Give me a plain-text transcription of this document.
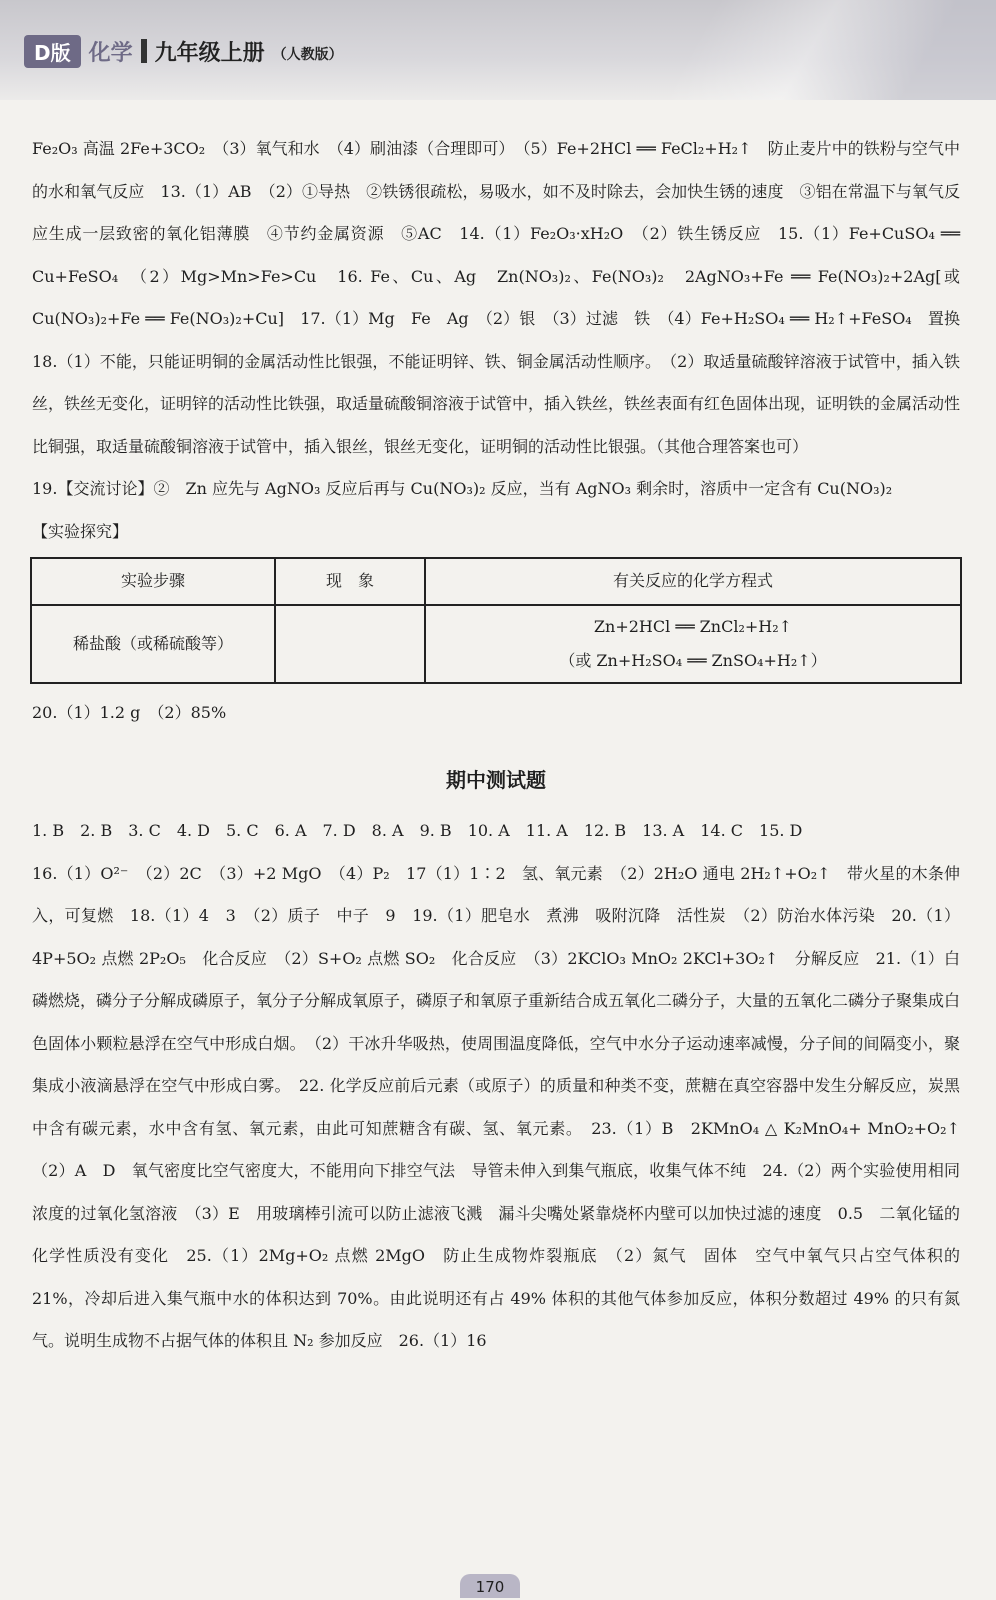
D版 化学 九年级上册 （人教版）

Fe₂O₃ 高温 2Fe+3CO₂　（3）氧气和水　（4）刷油漆（合理即可）　（5）Fe+2HCl ══ FeCl₂+H₂↑　防止麦片中的铁粉与空气中的水和氧气反应　13.（1）AB　（2）①导热　②铁锈很疏松，易吸水，如不及时除去，会加快生锈的速度　③铝在常温下与氧气反应生成一层致密的氧化铝薄膜　④节约金属资源　⑤AC　14.（1）Fe₂O₃·xH₂O　（2）铁生锈反应　15.（1）Fe+CuSO₄ ══ Cu+FeSO₄　（2）Mg>Mn>Fe>Cu　16. Fe、Cu、Ag　Zn(NO₃)₂、Fe(NO₃)₂　2AgNO₃+Fe ══ Fe(NO₃)₂+2Ag[或Cu(NO₃)₂+Fe ══ Fe(NO₃)₂+Cu]　17.（1）Mg　Fe　Ag　（2）银　（3）过滤　铁　（4）Fe+H₂SO₄ ══ H₂↑+FeSO₄　置换　18.（1）不能，只能证明铜的金属活动性比银强，不能证明锌、铁、铜金属活动性顺序。　（2）取适量硫酸锌溶液于试管中，插入铁丝，铁丝无变化，证明锌的活动性比铁强，取适量硫酸铜溶液于试管中，插入铁丝，铁丝表面有红色固体出现，证明铁的金属活动性比铜强，取适量硫酸铜溶液于试管中，插入银丝，银丝无变化，证明铜的活动性比银强。（其他合理答案也可）

19.【交流讨论】②　Zn 应先与 AgNO₃ 反应后再与 Cu(NO₃)₂ 反应，当有 AgNO₃ 剩余时，溶质中一定含有 Cu(NO₃)₂

【实验探究】

实验步骤	现　象	有关反应的化学方程式
稀盐酸（或稀硫酸等）		Zn+2HCl ══ ZnCl₂+H₂↑
（或 Zn+H₂SO₄ ══ ZnSO₄+H₂↑）

20.（1）1.2 g　（2）85%

期中测试题

1. B　2. B　3. C　4. D　5. C　6. A　7. D　8. A　9. B　10. A　11. A　12. B　13. A　14. C　15. D

16.（1）O²⁻　（2）2C　（3）+2 MgO　（4）P₂　17（1）1∶2　氢、氧元素　（2）2H₂O 通电 2H₂↑+O₂↑　带火星的木条伸入，可复燃　18.（1）4　3　（2）质子　中子　9　19.（1）肥皂水　煮沸　吸附沉降　活性炭　（2）防治水体污染　20.（1）4P+5O₂ 点燃 2P₂O₅　化合反应　（2）S+O₂ 点燃 SO₂　化合反应　（3）2KClO₃ MnO₂ 2KCl+3O₂↑　分解反应　21.（1）白磷燃烧，磷分子分解成磷原子，氧分子分解成氧原子，磷原子和氧原子重新结合成五氧化二磷分子，大量的五氧化二磷分子聚集成白色固体小颗粒悬浮在空气中形成白烟。　（2）干冰升华吸热，使周围温度降低，空气中水分子运动速率减慢，分子间的间隔变小，聚集成小液滴悬浮在空气中形成白雾。　22. 化学反应前后元素（或原子）的质量和种类不变，蔗糖在真空容器中发生分解反应，炭黑中含有碳元素，水中含有氢、氧元素，由此可知蔗糖含有碳、氢、氧元素。　23.（1）B　2KMnO₄ △ K₂MnO₄+ MnO₂+O₂↑　（2）A　D　氧气密度比空气密度大，不能用向下排空气法　导管未伸入到集气瓶底，收集气体不纯　24.（2）两个实验使用相同浓度的过氧化氢溶液　（3）E　用玻璃棒引流可以防止滤液飞溅　漏斗尖嘴处紧靠烧杯内壁可以加快过滤的速度　0.5　二氧化锰的化学性质没有变化　25.（1）2Mg+O₂ 点燃 2MgO　防止生成物炸裂瓶底　（2）氮气　固体　空气中氧气只占空气体积的 21%，冷却后进入集气瓶中水的体积达到 70%。由此说明还有占 49% 体积的其他气体参加反应，体积分数超过 49% 的只有氮气。说明生成物不占据气体的体积且 N₂ 参加反应　26.（1）16

170
